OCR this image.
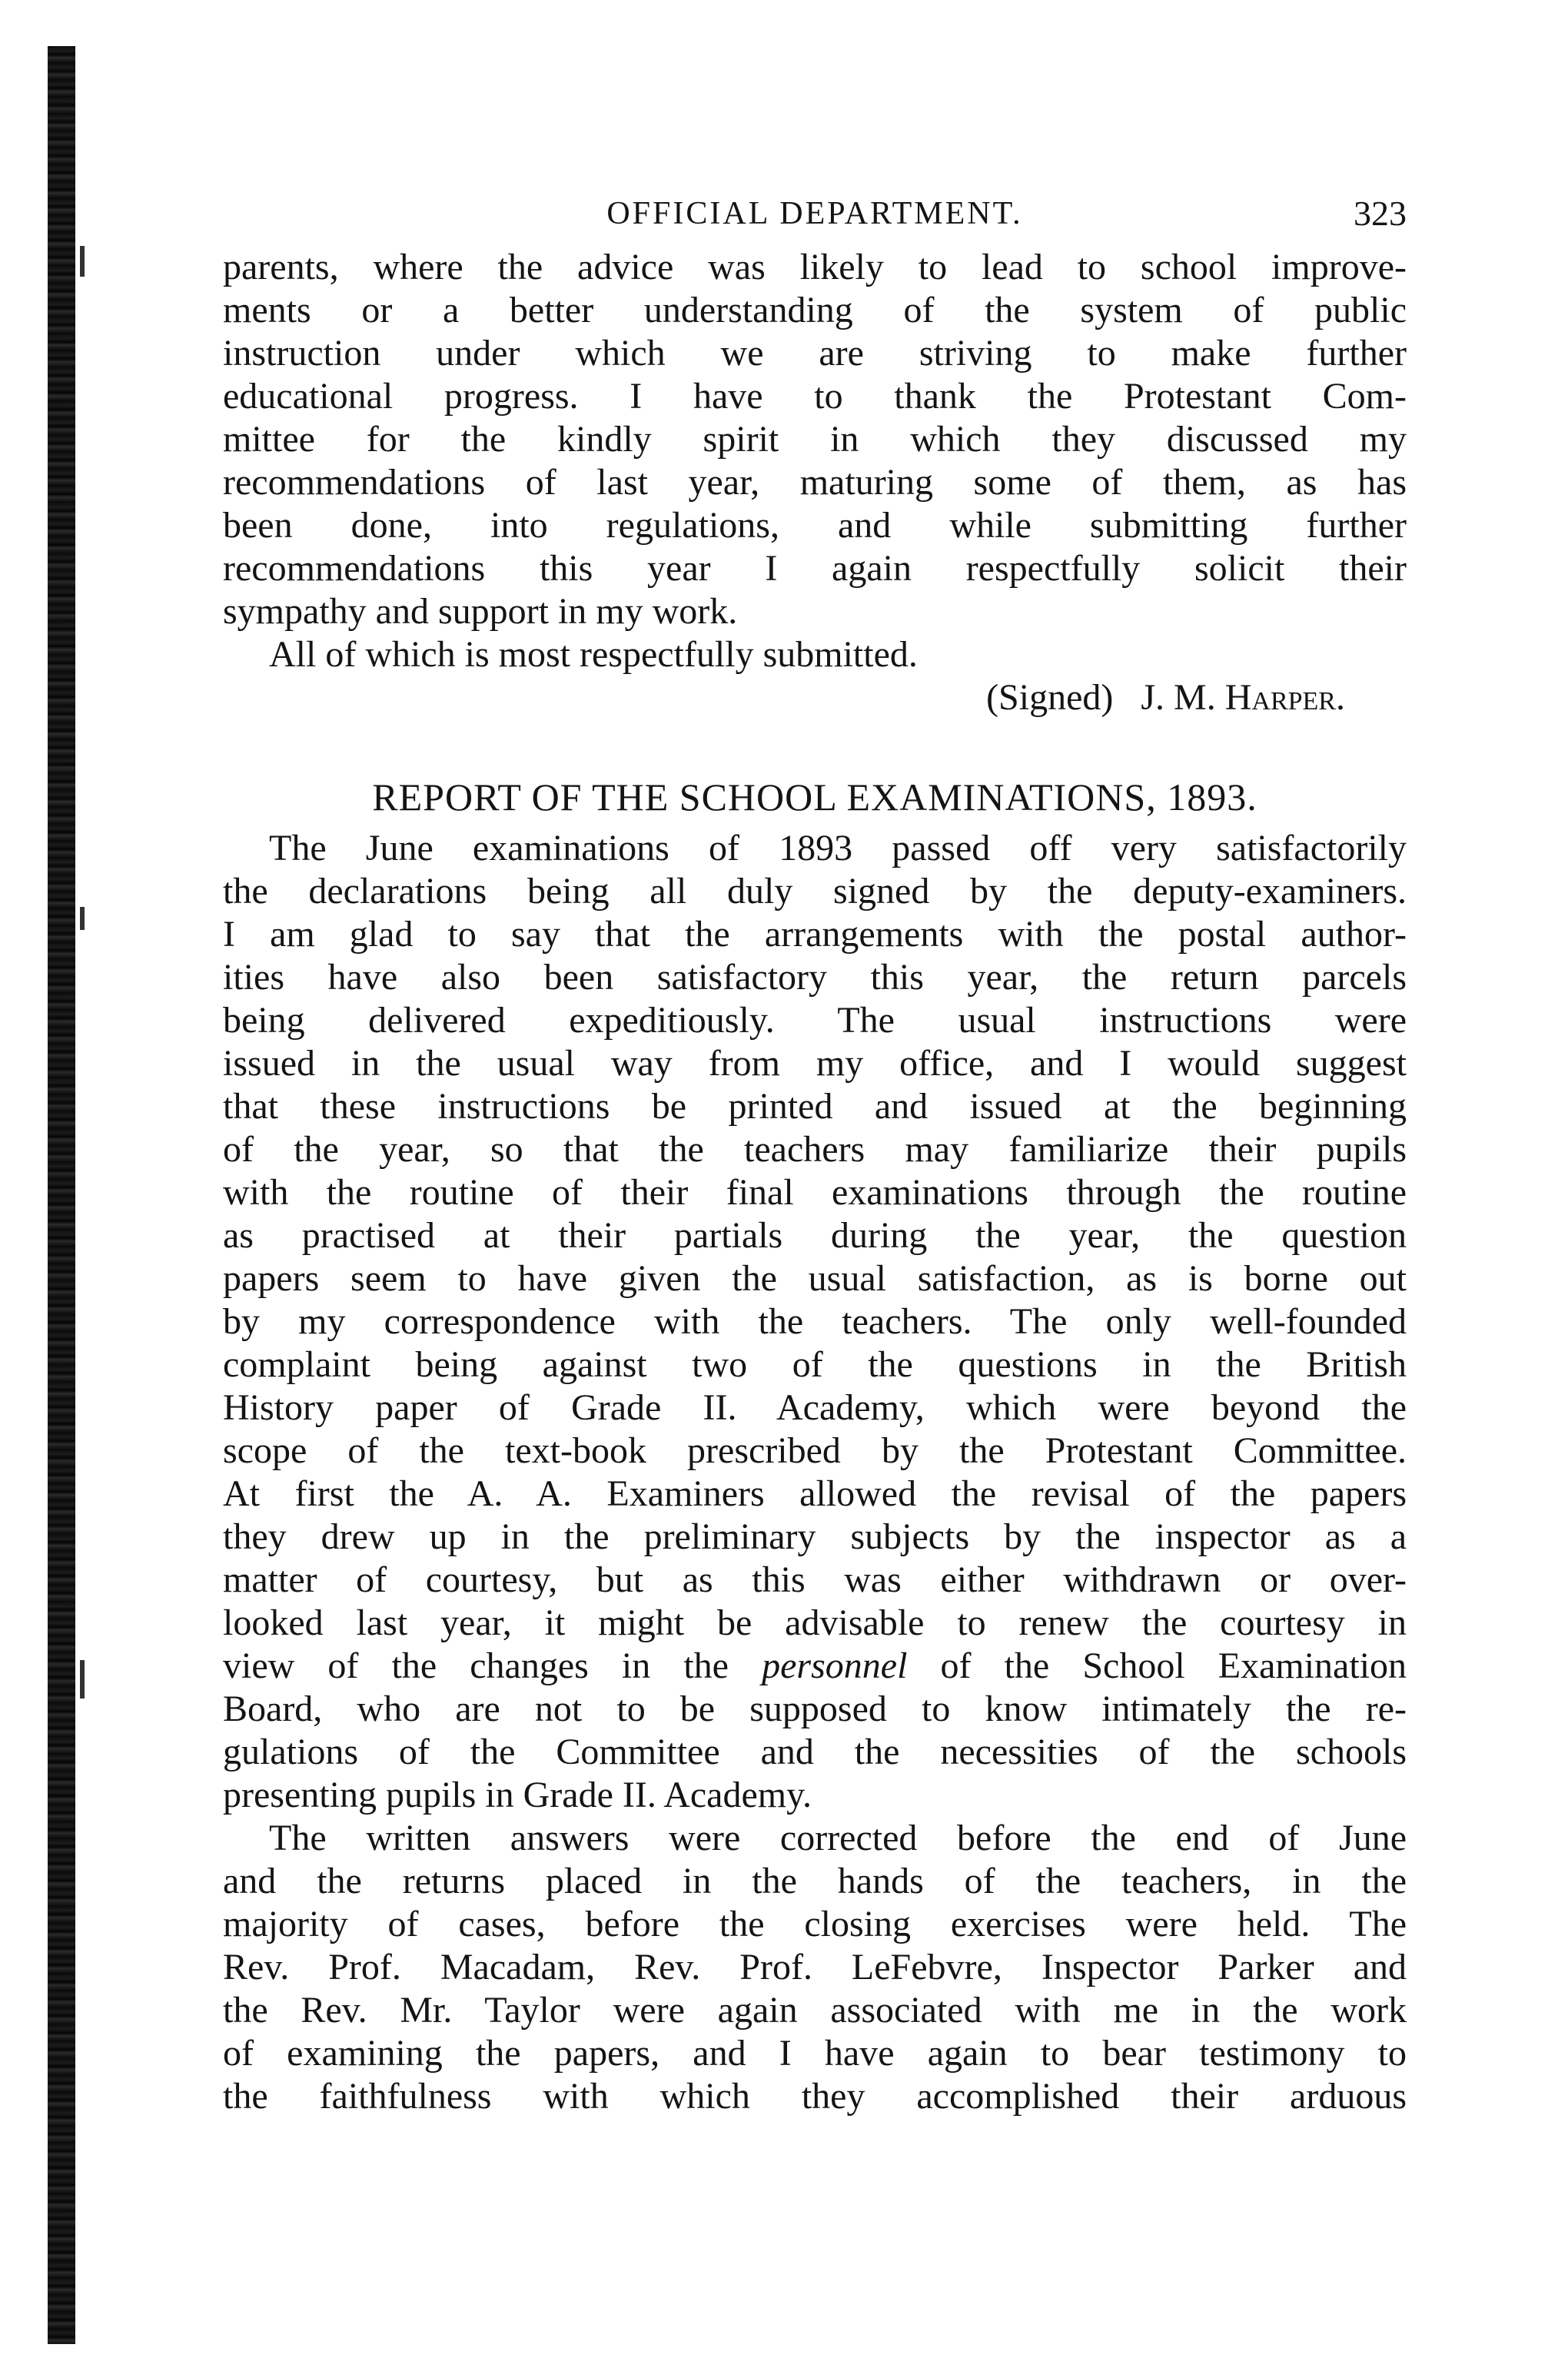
OFFICIAL DEPARTMENT.	323

parents, where the advice was likely to lead to school improve-
ments or a better understanding of the system of public
instruction under which we are striving to make further
educational progress. I have to thank the Protestant Com-
mittee for the kindly spirit in which they discussed my
recommendations of last year, maturing some of them, as has
been done, into regulations, and while submitting further
recommendations this year I again respectfully solicit their
sympathy and support in my work.

All of which is most respectfully submitted.
(Signed) J. M. Harper.
REPORT OF THE SCHOOL EXAMINATIONS, 1893.

The June examinations of 1893 passed off very satisfactorily
the declarations being all duly signed by the deputy-examiners.
I am glad to say that the arrangements with the postal author-
ities have also been satisfactory this year, the return parcels
being delivered expeditiously. The usual instructions were
issued in the usual way from my office, and I would suggest
that these instructions be printed and issued at the beginning
of the year, so that the teachers may familiarize their pupils
with the routine of their final examinations through the routine
as practised at their partials during the year, the question
papers seem to have given the usual satisfaction, as is borne out
by my correspondence with the teachers. The only well-founded
complaint being against two of the questions in the British
History paper of Grade II. Academy, which were beyond the
scope of the text-book prescribed by the Protestant Committee.
At first the A. A. Examiners allowed the revisal of the papers
they drew up in the preliminary subjects by the inspector as a
matter of courtesy, but as this was either withdrawn or over-
looked last year, it might be advisable to renew the courtesy in
view of the changes in the personnel of the School Examination
Board, who are not to be supposed to know intimately the re-
gulations of the Committee and the necessities of the schools
presenting pupils in Grade II. Academy.

The written answers were corrected before the end of June
and the returns placed in the hands of the teachers, in the
majority of cases, before the closing exercises were held. The
Rev. Prof. Macadam, Rev. Prof. LeFebvre, Inspector Parker and
the Rev. Mr. Taylor were again associated with me in the work
of examining the papers, and I have again to bear testimony to
the faithfulness with which they accomplished their arduous
